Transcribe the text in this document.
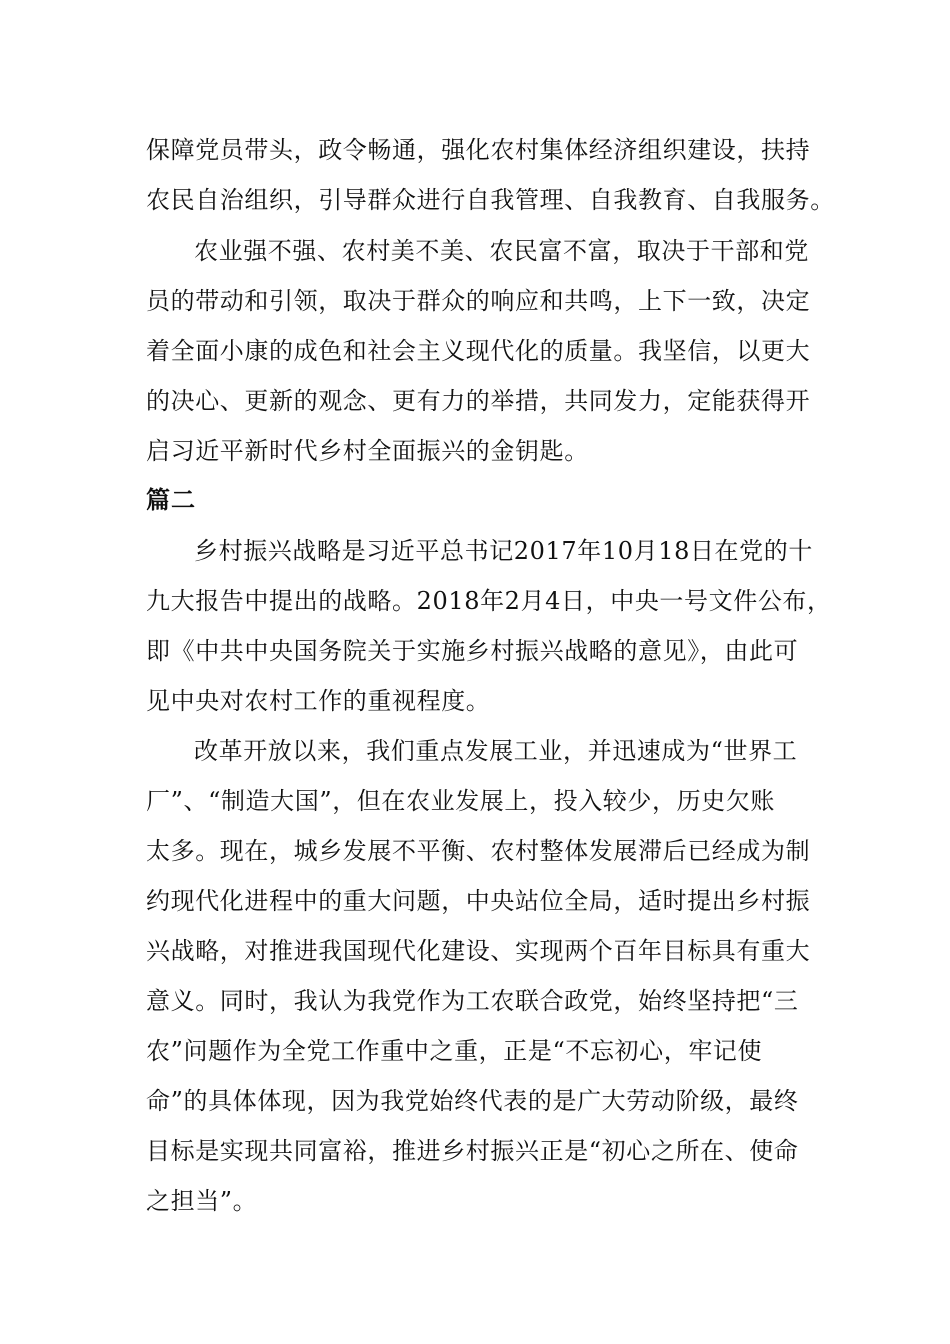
保障党员带头，政令畅通，强化农村集体经济组织建设，扶持
农民自治组织，引导群众进行自我管理、自我教育、自我服务。
农业强不强、农村美不美、农民富不富，取决于干部和党
员的带动和引领，取决于群众的响应和共鸣，上下一致，决定
着全面小康的成色和社会主义现代化的质量。我坚信，以更大
的决心、更新的观念、更有力的举措，共同发力，定能获得开
启习近平新时代乡村全面振兴的金钥匙。
篇二
乡村振兴战略是习近平总书记2017年10月18日在党的十
九大报告中提出的战略。2018年2月4日，中央一号文件公布，
即《中共中央国务院关于实施乡村振兴战略的意见》，由此可
见中央对农村工作的重视程度。
改革开放以来，我们重点发展工业，并迅速成为“世界工
厂”、“制造大国”，但在农业发展上，投入较少，历史欠账
太多。现在，城乡发展不平衡、农村整体发展滞后已经成为制
约现代化进程中的重大问题，中央站位全局，适时提出乡村振
兴战略，对推进我国现代化建设、实现两个百年目标具有重大
意义。同时，我认为我党作为工农联合政党，始终坚持把“三
农”问题作为全党工作重中之重，正是“不忘初心，牢记使
命”的具体体现，因为我党始终代表的是广大劳动阶级，最终
目标是实现共同富裕，推进乡村振兴正是“初心之所在、使命
之担当”。
